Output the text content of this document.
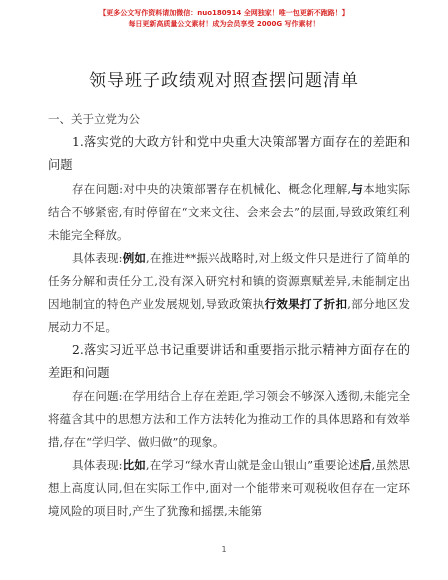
【更多公文写作资料请加微信：nuo180914 全网独家！唯一包更新不跑路！】
每日更新高质量公文素材！成为会员享受 2000G 写作素材！
领导班子政绩观对照查摆问题清单
一、关于立党为公

1.落实党的大政方针和党中央重大决策部署方面存在的差距和问题

存在问题:对中央的决策部署存在机械化、概念化理解,与本地实际结合不够紧密,有时停留在“文来文往、会来会去”的层面,导致政策红利未能完全释放。

具体表现:例如,在推进**振兴战略时,对上级文件只是进行了简单的任务分解和责任分工,没有深入研究村和镇的资源禀赋差异,未能制定出因地制宜的特色产业发展规划,导致政策执行效果打了折扣,部分地区发展动力不足。

2.落实习近平总书记重要讲话和重要指示批示精神方面存在的差距和问题

存在问题:在学用结合上存在差距,学习领会不够深入透彻,未能完全将蕴含其中的思想方法和工作方法转化为推动工作的具体思路和有效举措,存在“学归学、做归做”的现象。

具体表现:比如,在学习“绿水青山就是金山银山”重要论述后,虽然思想上高度认同,但在实际工作中,面对一个能带来可观税收但存在一定环境风险的项目时,产生了犹豫和摇摆,未能第

1
